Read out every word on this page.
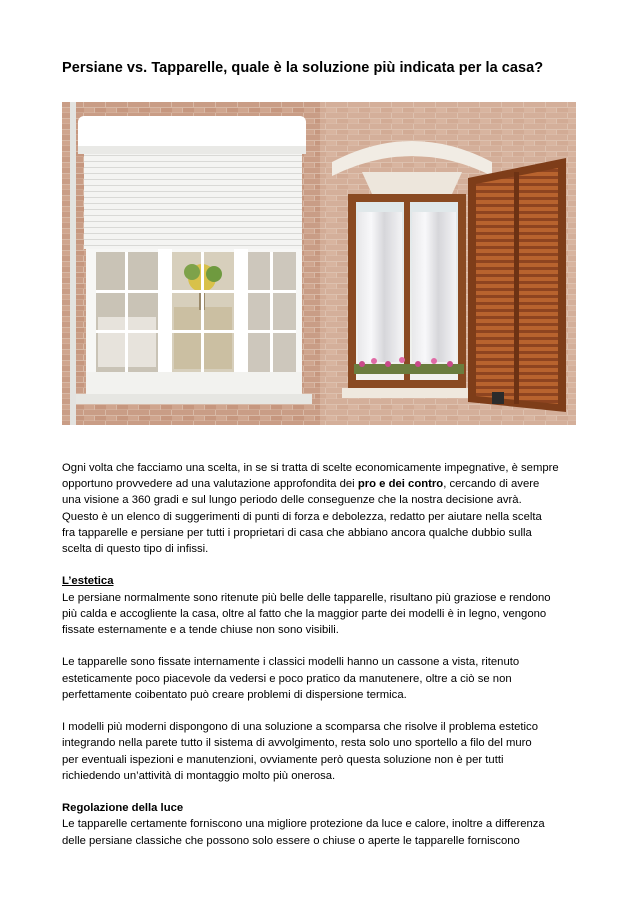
Persiane vs. Tapparelle, quale è la soluzione più indicata per la casa?

Ogni volta che facciamo una scelta, in se si tratta di scelte economicamente impegnative, è sempre
opportuno provvedere ad una valutazione approfondita dei pro e dei contro, cercando di avere
una visione a 360 gradi e sul lungo periodo delle conseguenze che la nostra decisione avrà.
Questo è un elenco di suggerimenti di punti di forza e debolezza, redatto per aiutare nella scelta
fra tapparelle e persiane per tutti i proprietari di casa che abbiano ancora qualche dubbio sulla
scelta di questo tipo di infissi.

L’estetica
Le persiane normalmente sono ritenute più belle delle tapparelle, risultano più graziose e rendono
più calda e accogliente la casa, oltre al fatto che la maggior parte dei modelli è in legno, vengono
fissate esternamente e a tende chiuse non sono visibili.

Le tapparelle sono fissate internamente i classici modelli hanno un cassone a vista, ritenuto
esteticamente poco piacevole da vedersi e poco pratico da manutenere, oltre a ciò se non
perfettamente coibentato può creare problemi di dispersione termica.

I modelli più moderni dispongono di una soluzione a scomparsa che risolve il problema estetico
integrando nella parete tutto il sistema di avvolgimento, resta solo uno sportello a filo del muro
per eventuali ispezioni e manutenzioni, ovviamente però questa soluzione non è per tutti
richiedendo un’attività di montaggio molto più onerosa.

Regolazione della luce
Le tapparelle certamente forniscono una migliore protezione da luce e calore, inoltre a differenza
delle persiane classiche che possono solo essere o chiuse o aperte le tapparelle forniscono
